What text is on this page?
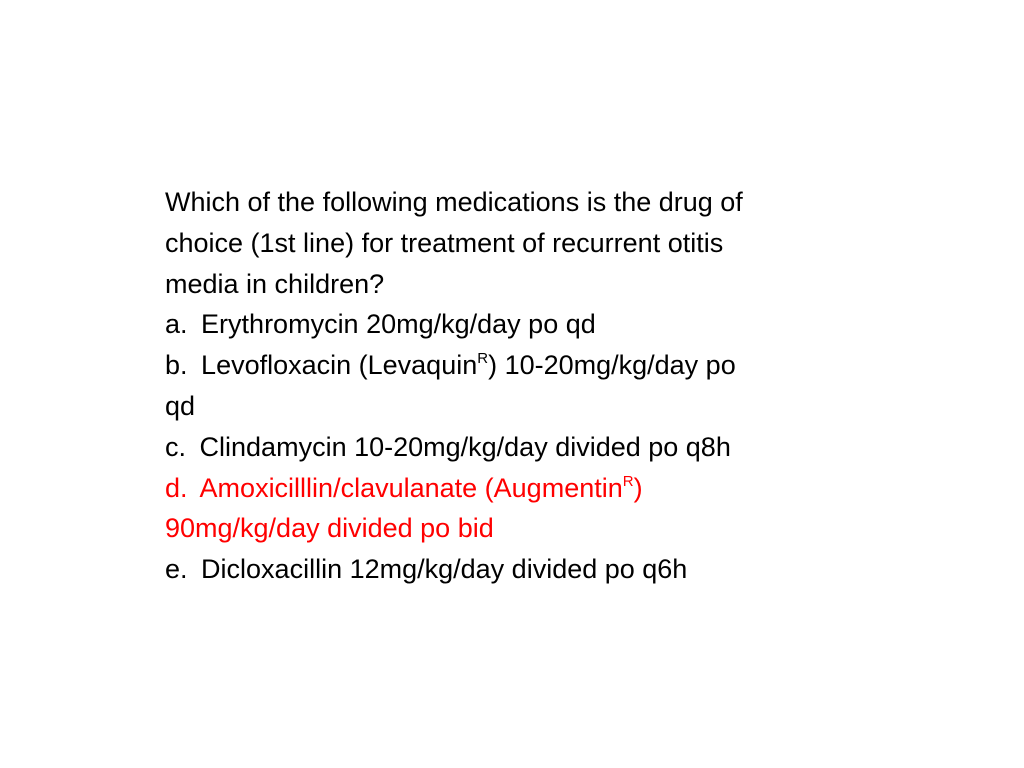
Which of the following medications is the drug of
choice (1st line) for treatment of recurrent otitis
media in children?
a. Erythromycin 20mg/kg/day po qd
b. Levofloxacin (Levaquin$^R$) 10-20mg/kg/day po
qd
c. Clindamycin 10-20mg/kg/day divided po q8h
d. Amoxicilllin/clavulanate (Augmentin$^R$)
90mg/kg/day divided po bid
e. Dicloxacillin 12mg/kg/day divided po q6h
